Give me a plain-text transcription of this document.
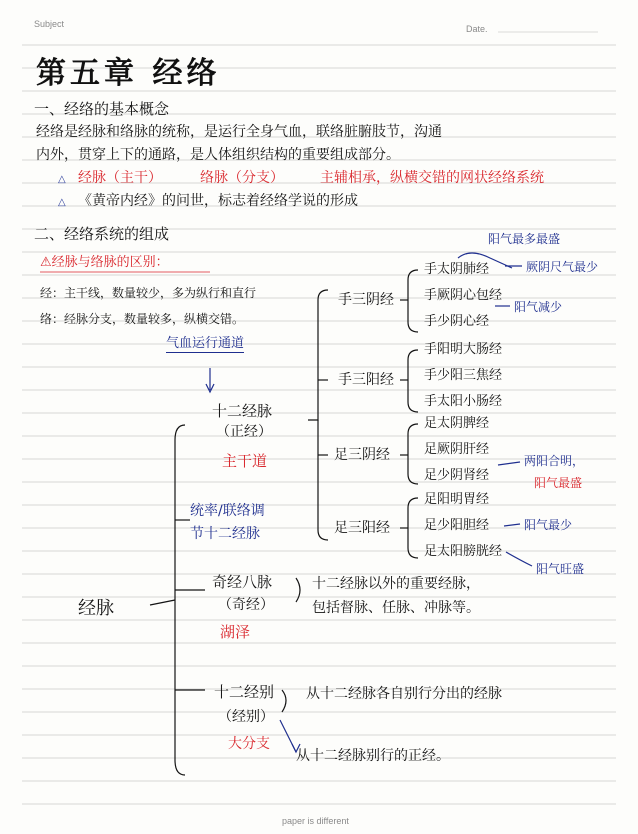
Subject	Date.
第五章 经络
一、经络的基本概念
经络是经脉和络脉的统称，是运行全身气血，联络脏腑肢节，沟通
内外，贯穿上下的通路，是人体组织结构的重要组成部分。
△ 经脉（主干）	络脉（分支）	主辅相承，纵横交错的网状经络系统
△ 《黄帝内经》的问世，标志着经络学说的形成
二、经络系统的组成
⚠经脉与络脉的区别：
经：主干线，数量较少，多为纵行和直行
络：经脉分支，数量较多，纵横交错。
气血运行通道
十二经脉
（正经）
主干道
统率/联络调
节十二经脉
经脉
奇经八脉
（奇经）
湖泽
十二经脉以外的重要经脉，
包括督脉、任脉、冲脉等。
十二经别
（经别）
大分支
从十二经脉各自别行分出的经脉
从十二经脉别行的正经。
手三阴经
手太阴肺经
手厥阴心包经
手少阴心经
手三阳经
手阳明大肠经
手少阳三焦经
手太阳小肠经
足三阴经
足太阴脾经
足厥阴肝经
足少阴肾经
足三阳经
足阳明胃经
足少阳胆经
足太阳膀胱经
阳气最多最盛
厥阴尺气最少
阳气减少
两阳合明，
阳气最盛
阳气最少
阳气旺盛
paper is different
